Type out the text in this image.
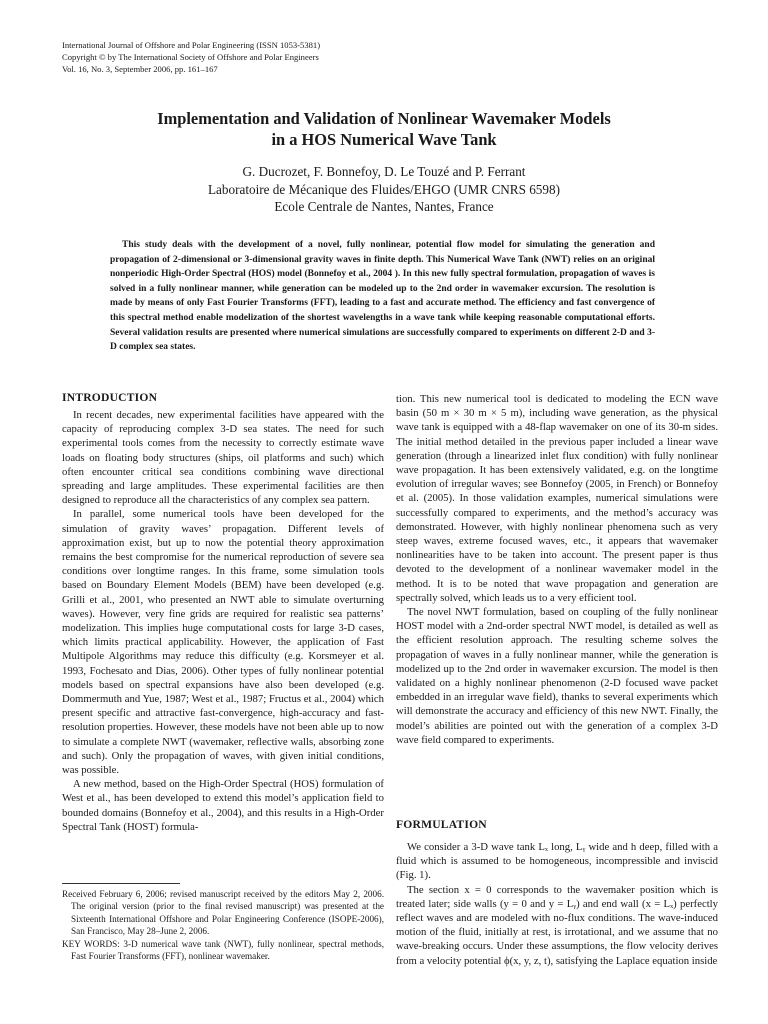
International Journal of Offshore and Polar Engineering (ISSN 1053-5381)
Copyright © by The International Society of Offshore and Polar Engineers
Vol. 16, No. 3, September 2006, pp. 161–167
Implementation and Validation of Nonlinear Wavemaker Models
in a HOS Numerical Wave Tank
G. Ducrozet, F. Bonnefoy, D. Le Touzé and P. Ferrant
Laboratoire de Mécanique des Fluides/EHGO (UMR CNRS 6598)
Ecole Centrale de Nantes, Nantes, France

This study deals with the development of a novel, fully nonlinear, potential flow model for simulating the generation and propagation of 2-dimensional or 3-dimensional gravity waves in finite depth. This Numerical Wave Tank (NWT) relies on an original nonperiodic High-Order Spectral (HOS) model (Bonnefoy et al., 2004 ). In this new fully spectral formulation, propagation of waves is solved in a fully nonlinear manner, while generation can be modeled up to the 2nd order in wavemaker excursion. The resolution is made by means of only Fast Fourier Transforms (FFT), leading to a fast and accurate method. The efficiency and fast convergence of this spectral method enable modelization of the shortest wavelengths in a wave tank while keeping reasonable computational efforts. Several validation results are presented where numerical simulations are successfully compared to experiments on different 2-D and 3-D complex sea states.

INTRODUCTION

In recent decades, new experimental facilities have appeared with the capacity of reproducing complex 3-D sea states. The need for such experimental tools comes from the necessity to correctly estimate wave loads on floating body structures (ships, oil platforms and such) which often encounter critical sea conditions combining wave directional spreading and large amplitudes. These experimental facilities are then designed to reproduce all the characteristics of any complex sea pattern.

In parallel, some numerical tools have been developed for the simulation of gravity waves’ propagation. Different levels of approximation exist, but up to now the potential theory approximation remains the best compromise for the numerical reproduction of severe sea conditions over longtime ranges. In this frame, some simulation tools based on Boundary Element Models (BEM) have been developed (e.g. Grilli et al., 2001, who presented an NWT able to simulate overturning waves). However, very fine grids are required for realistic sea patterns’ modelization. This implies huge computational costs for large 3-D cases, which limits practical applicability. However, the application of Fast Multipole Algorithms may reduce this difficulty (e.g. Korsmeyer et al. 1993, Fochesato and Dias, 2006). Other types of fully nonlinear potential models based on spectral expansions have also been developed (e.g. Dommermuth and Yue, 1987; West et al., 1987; Fructus et al., 2004) which present specific and attractive fast-convergence, high-accuracy and fast-resolution properties. However, these models have not been able up to now to simulate a complete NWT (wavemaker, reflective walls, absorbing zone and such). Only the propagation of waves, with given initial conditions, was possible.

A new method, based on the High-Order Spectral (HOS) formulation of West et al., has been developed to extend this model’s application field to bounded domains (Bonnefoy et al., 2004), and this results in a High-Order Spectral Tank (HOST) formula-

Received February 6, 2006; revised manuscript received by the editors May 2, 2006. The original version (prior to the final revised manuscript) was presented at the Sixteenth International Offshore and Polar Engineering Conference (ISOPE-2006), San Francisco, May 28–June 2, 2006.

KEY WORDS: 3-D numerical wave tank (NWT), fully nonlinear, spectral methods, Fast Fourier Transforms (FFT), nonlinear wavemaker.

tion. This new numerical tool is dedicated to modeling the ECN wave basin (50 m × 30 m × 5 m), including wave generation, as the physical wave tank is equipped with a 48-flap wavemaker on one of its 30-m sides. The initial method detailed in the previous paper included a linear wave generation (through a linearized inlet flux condition) with fully nonlinear wave propagation. It has been extensively validated, e.g. on the longtime evolution of irregular waves; see Bonnefoy (2005, in French) or Bonnefoy et al. (2005). In those validation examples, numerical simulations were successfully compared to experiments, and the method’s accuracy was demonstrated. However, with highly nonlinear phenomena such as very steep waves, extreme focused waves, etc., it appears that wavemaker nonlinearities have to be taken into account. The present paper is thus devoted to the development of a nonlinear wavemaker model in the method. It is to be noted that wave propagation and generation are spectrally solved, which leads us to a very efficient tool.

The novel NWT formulation, based on coupling of the fully nonlinear HOST model with a 2nd-order spectral NWT model, is detailed as well as the efficient resolution approach. The resulting scheme solves the propagation of waves in a fully nonlinear manner, while the generation is modelized up to the 2nd order in wavemaker excursion. The model is then validated on a highly nonlinear phenomenon (2-D focused wave packet embedded in an irregular wave field), thanks to several experiments which will demonstrate the accuracy and efficiency of this new NWT. Finally, the model’s abilities are pointed out with the generation of a complex 3-D wave field compared to experiments.

FORMULATION

We consider a 3-D wave tank Lₓ long, Lᵧ wide and h deep, filled with a fluid which is assumed to be homogeneous, incompressible and inviscid (Fig. 1).

The section x = 0 corresponds to the wavemaker position which is treated later; side walls (y = 0 and y = Lᵧ) and end wall (x = Lₓ) perfectly reflect waves and are modeled with no-flux conditions. The wave-induced motion of the fluid, initially at rest, is irrotational, and we assume that no wave-breaking occurs. Under these assumptions, the flow velocity derives from a velocity potential ϕ(x, y, z, t), satisfying the Laplace equation inside
